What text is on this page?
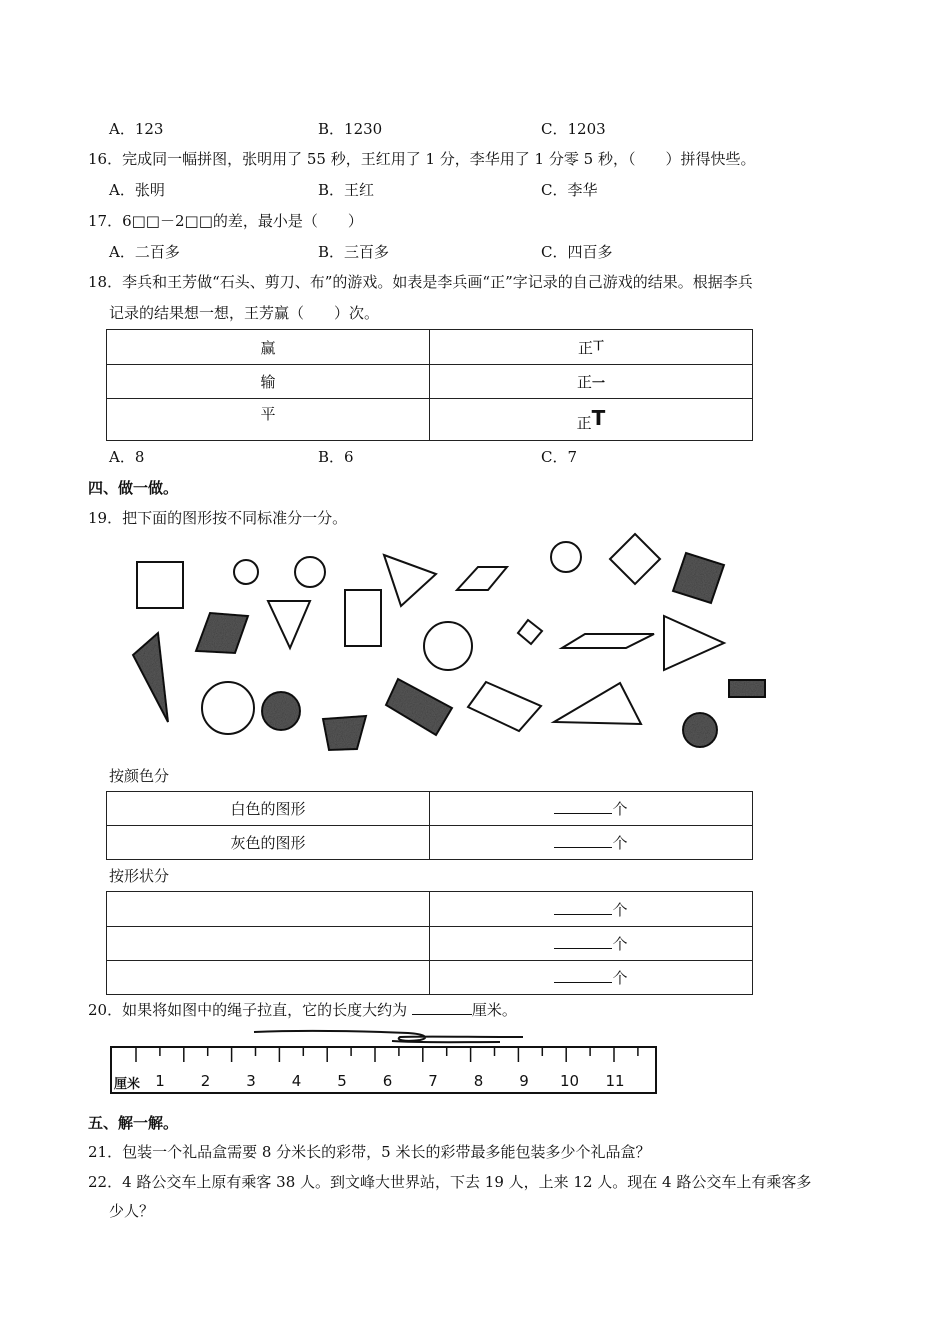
A．123	B．1230	C．1203
16．完成同一幅拼图，张明用了 55 秒，王红用了 1 分，李华用了 1 分零 5 秒，（　　）拼得快些。
A．张明	B．王红	C．李华
17．6□□－2□□的差，最小是（　　）
A．二百多	B．三百多	C．四百多
18．李兵和王芳做“石头、剪刀、布”的游戏。如表是李兵画“正”字记录的自己游戏的结果。根据李兵
记录的结果想一想，王芳赢（　　）次。
赢	正$^丅$
输	正一
平	正T
A．8	B．6	C．7
四、做一做。
19．把下面的图形按不同标准分一分。
按颜色分
白色的图形	个
灰色的图形	个
按形状分
	个
	个
	个
20．如果将如图中的绳子拉直，它的长度大约为	厘米。
厘米 1 2 3 4 5 6 7 8 9 10 11
五、解一解。
21．包装一个礼品盒需要 8 分米长的彩带，5 米长的彩带最多能包装多少个礼品盒？
22．4 路公交车上原有乘客 38 人。到文峰大世界站，下去 19 人，上来 12 人。现在 4 路公交车上有乘客多
少人？
